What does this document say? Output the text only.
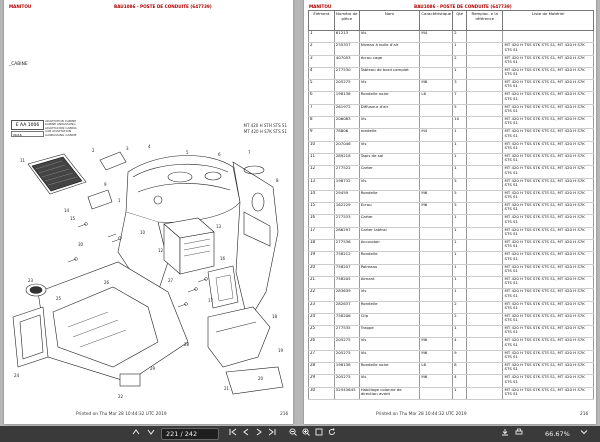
MANITOU	BAU1086 - POSTE DE CONDUITE (647739)
_CABINE
E AA 1006
06/16
ADAPTATION CABINE
KABINE ANPASSUNG
ADAPTACION CABINA
CAB ADAPTATION
AANPASSING CABINE
MT 420 H STH STS S1
MT 420 H S7K STS S1
2	3	4
5	6	7
8
9
11
10
12
13
16
17
18
19
20
21
22
23
24
25
26	27
28
29
30
14
15
1
Printed on Thu Mar 28 10:44:32 UTC 2019	216
MANITOU	BAU1086 - POSTE DE CONDUITE (647739)
Élément	Numéro de pièce	Nom	Caractéristique	Qté	Remplac. e la référence	Liste de Matériel
1	61213	Vis	M4	2		
2	235337	Niveau à bulle d'air		1		MT 420 H TSS S7K STS S1, MT 420 H S7K STS S1
3	407053	écrou cage		2		MT 420 H TSS S7K STS S1, MT 420 H S7K STS S1
4	277530	Tableau de bord complet		1		MT 420 H TSS S7K STS S1, MT 420 H S7K STS S1
5	205275	Vis	M6	3		MT 420 H TSS S7K STS S1, MT 420 H S7K STS S1
6	198138	Rondelle noire	L6	7		MT 420 H TSS S7K STS S1, MT 420 H S7K STS S1
7	261972	Diffuseur d'air		5		MT 420 H TSS S7K STS S1, MT 420 H S7K STS S1
8	206083	Vis		10		MT 420 H TSS S7K STS S1, MT 420 H S7K STS S1
9	78806	rondelle	M4	1		MT 420 H TSS S7K STS S1, MT 420 H S7K STS S1
10	207046	Vis		1		MT 420 H TSS S7K STS S1, MT 420 H S7K STS S1
11	289218	Tapis de sol		1		MT 420 H TSS S7K STS S1, MT 420 H S7K STS S1
12	277522	Carter		1		MT 420 H TSS S7K STS S1, MT 420 H S7K STS S1
13	198732	Vis		5		MT 420 H TSS S7K STS S1, MT 420 H S7K STS S1
14	29459	Rondelle	M6	5		MT 420 H TSS S7K STS S1, MT 420 H S7K STS S1
15	162229	Ecrou	M6	5		MT 420 H TSS S7K STS S1, MT 420 H S7K STS S1
16	277533	Carter		1		MT 420 H TSS S7K STS S1, MT 420 H S7K STS S1
17	286297	Carter latéral		1		MT 420 H TSS S7K STS S1, MT 420 H S7K STS S1
18	277536	Accoudoir		1		MT 420 H TSS S7K STS S1, MT 420 H S7K STS S1
19	758212	Rondelle		1		MT 420 H TSS S7K STS S1, MT 420 H S7K STS S1
20	758207	Palmeau		1		MT 420 H TSS S7K STS S1, MT 420 H S7K STS S1
21	758205	Aimant		1		MT 420 H TSS S7K STS S1, MT 420 H S7K STS S1
22	283639	Vis		1		MT 420 H TSS S7K STS S1, MT 420 H S7K STS S1
23	282637	Rondelle		2		MT 420 H TSS S7K STS S1, MT 420 H S7K STS S1
24	758206	Clip		2		MT 420 H TSS S7K STS S1, MT 420 H S7K STS S1
25	277535	Trappe		1		MT 420 H TSS S7K STS S1, MT 420 H S7K STS S1
26	205275	Vis	M6	4		MT 420 H TSS S7K STS S1, MT 420 H S7K STS S1
27	205275	Vis	M6	9		MT 420 H TSS S7K STS S1, MT 420 H S7K STS S1
28	198138	Rondelle noire	L6	8		MT 420 H TSS S7K STS S1, MT 420 H S7K STS S1
29	205275	Vis	M6	4		MT 420 H TSS S7K STS S1, MT 420 H S7K STS S1
30	52543645	Habillage colonne de direction avant		1		MT 420 H TSS S7K STS S1, MT 420 H S7K STS S1
Printed on Thu Mar 28 10:44:32 UTC 2019	216
221 / 242	66.67%
